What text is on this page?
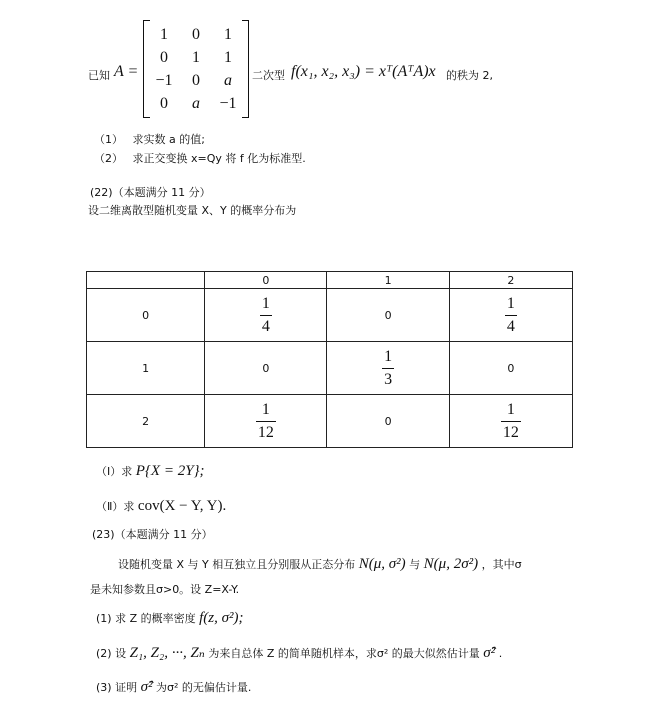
已知 A =
1	0	1
0	1	1
−1	0	a
0	a	−1
二次型 f(x₁, x₂, x₃) = xᵀ(AᵀA)x 的秩为 2,
（1） 求实数 a 的值;
（2） 求正交变换 x=Qy 将 f 化为标准型.
(22)（本题满分 11 分）
设二维离散型随机变量 X、Y 的概率分布为
	0	1	2
0	$\frac{1}{4}$	0	$\frac{1}{4}$

1	0	$\frac{1}{3}$	0
2	$\frac{1}{12}$	0	$\frac{1}{12}$
（Ⅰ）求 P{X = 2Y};
（Ⅱ）求 cov(X − Y, Y).
(23)（本题满分 11 分）
设随机变量 X 与 Y 相互独立且分别服从正态分布 N(μ, σ²) 与 N(μ, 2σ²) ，其中σ
是未知参数且σ>0。设 Z=X-Y.
(1) 求 Z 的概率密度 f(z, σ²);
(2) 设 Z₁, Z₂, ···, Zₙ 为来自总体 Z 的简单随机样本，求σ² 的最大似然估计量 σ̂² .
(3) 证明 σ̂² 为σ² 的无偏估计量.
